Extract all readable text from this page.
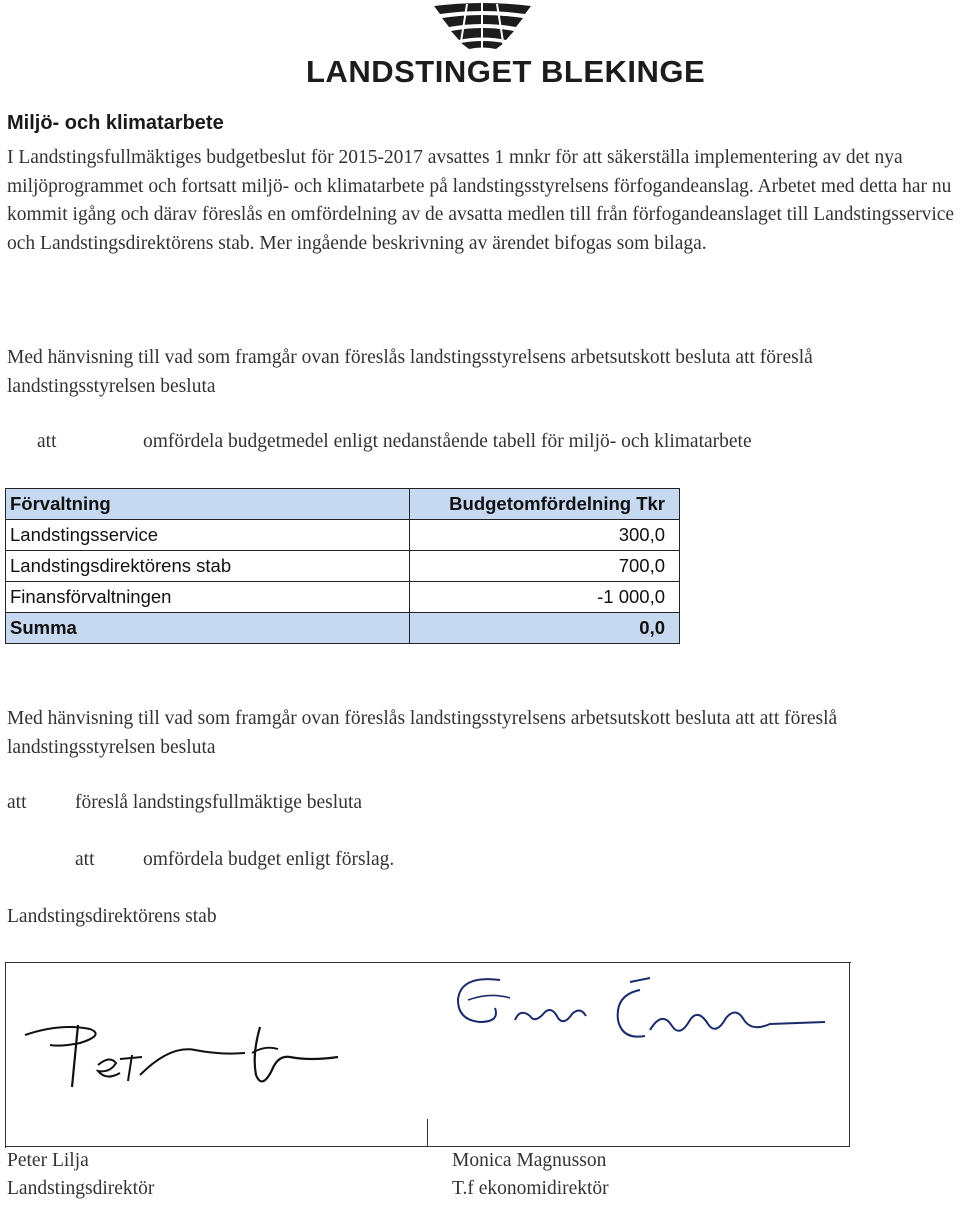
LANDSTINGET BLEKINGE
Miljö- och klimatarbete

I Landstingsfullmäktiges budgetbeslut för 2015-2017 avsattes 1 mnkr för att säkerställa implementering av det nya miljöprogrammet och fortsatt miljö- och klimatarbete på landstingsstyrelsens förfogandeanslag. Arbetet med detta har nu kommit igång och därav föreslås en omfördelning av de avsatta medlen till från förfogandeanslaget till Landstingsservice och Landstingsdirektörens stab. Mer ingående beskrivning av ärendet bifogas som bilaga.

Med hänvisning till vad som framgår ovan föreslås landstingsstyrelsens arbetsutskott besluta att föreslå landstingsstyrelsen besluta

att	omfördela budgetmedel enligt nedanstående tabell för miljö- och klimatarbete
Förvaltning	Budgetomfördelning Tkr
Landstingsservice	300,0
Landstingsdirektörens stab	700,0
Finansförvaltningen	-1 000,0
Summa	0,0

Med hänvisning till vad som framgår ovan föreslås landstingsstyrelsens arbetsutskott besluta att att föreslå landstingsstyrelsen besluta

att föreslå landstingsfullmäktige besluta
att omfördela budget enligt förslag.
Landstingsdirektörens stab
Peter Lilja
Landstingsdirektör
Monica Magnusson
T.f ekonomidirektör
